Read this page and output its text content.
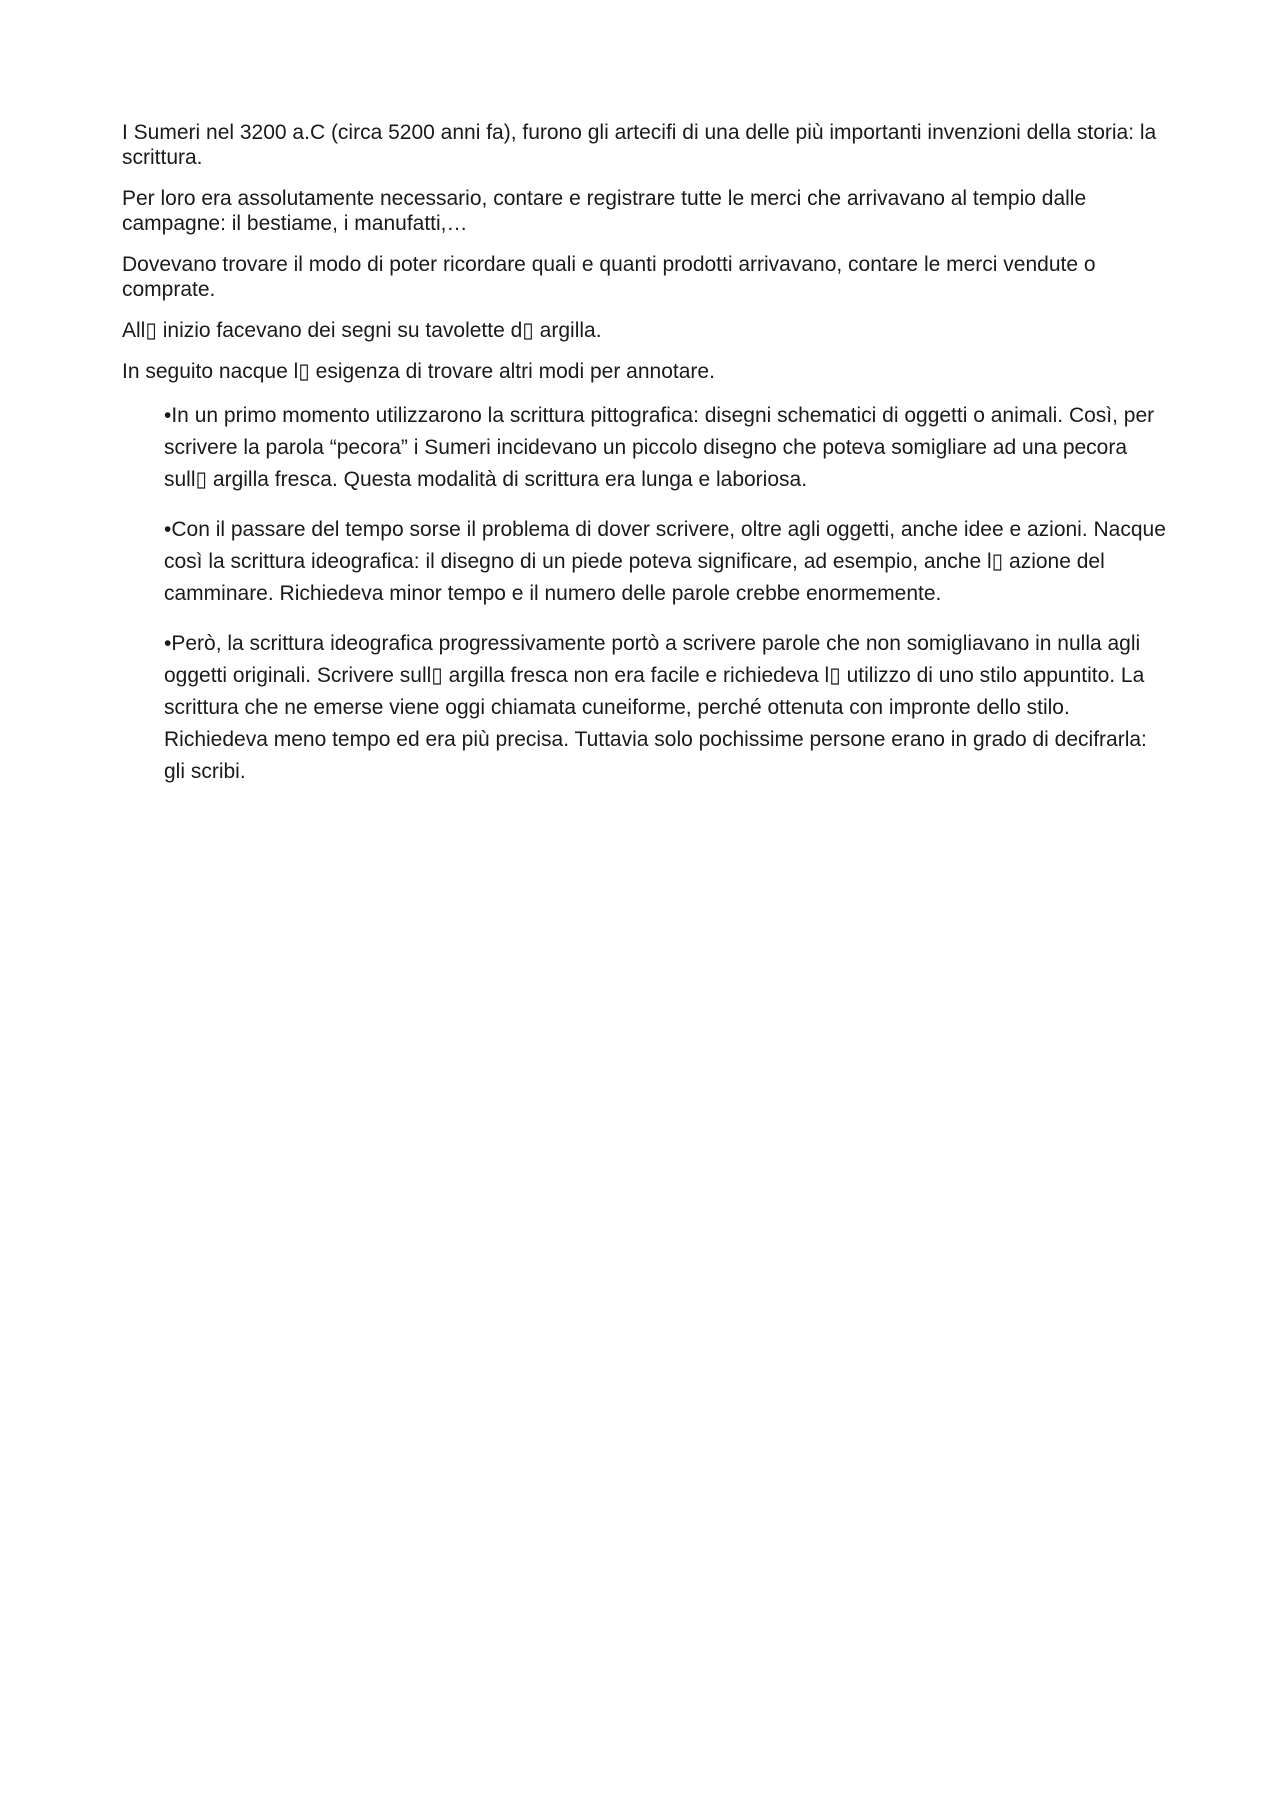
I Sumeri nel 3200 a.C (circa 5200 anni fa), furono gli artecifi di una delle più importanti invenzioni della storia: la scrittura.

Per loro era assolutamente necessario, contare e registrare tutte le merci che arrivavano al tempio dalle campagne: il bestiame, i manufatti,…

Dovevano trovare il modo di poter ricordare quali e quanti prodotti arrivavano, contare le merci vendute o comprate.

All▯ inizio facevano dei segni su tavolette d▯ argilla.

In seguito nacque l▯ esigenza di trovare altri modi per annotare.

•In un primo momento utilizzarono la scrittura pittografica: disegni schematici di oggetti o animali. Così, per scrivere la parola “pecora” i Sumeri incidevano un piccolo disegno che poteva somigliare ad una pecora sull▯ argilla fresca. Questa modalità di scrittura era lunga e laboriosa.
•Con il passare del tempo sorse il problema di dover scrivere, oltre agli oggetti, anche idee e azioni. Nacque così la scrittura ideografica: il disegno di un piede poteva significare, ad esempio, anche l▯ azione del camminare. Richiedeva minor tempo e il numero delle parole crebbe enormemente.
•Però, la scrittura ideografica progressivamente portò a scrivere parole che non somigliavano in nulla agli oggetti originali. Scrivere sull▯ argilla fresca non era facile e richiedeva l▯ utilizzo di uno stilo appuntito. La scrittura che ne emerse viene oggi chiamata cuneiforme, perché ottenuta con impronte dello stilo. Richiedeva meno tempo ed era più precisa. Tuttavia solo pochissime persone erano in grado di decifrarla: gli scribi.
